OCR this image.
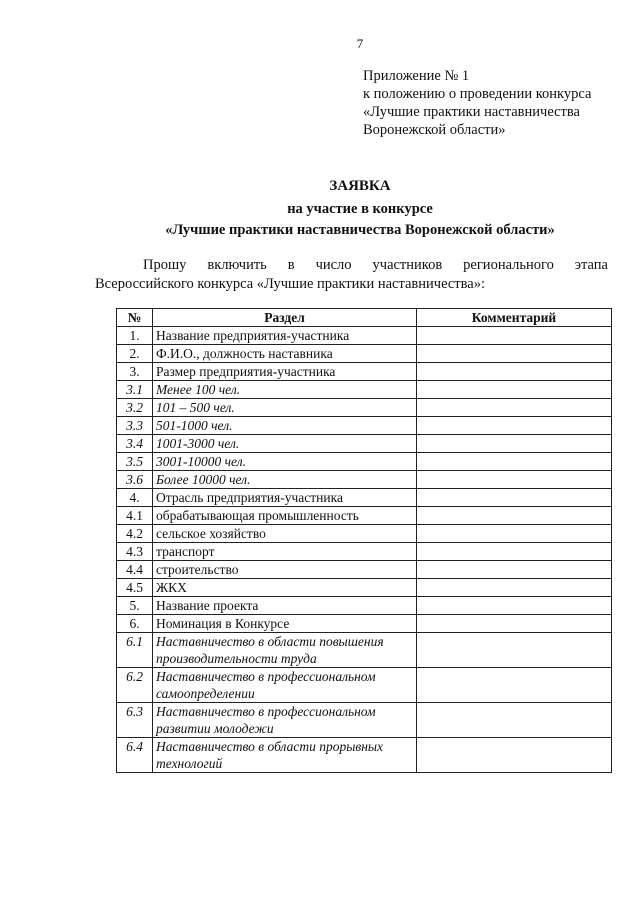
7
Приложение № 1
к положению о проведении конкурса
«Лучшие практики наставничества
Воронежской области»
ЗАЯВКА
на участие в конкурсе
«Лучшие практики наставничества Воронежской области»
Прошу включить в число участников регионального этапа
Всероссийского конкурса «Лучшие практики наставничества»:
№	Раздел	Комментарий
1.	Название предприятия-участника	
2.	Ф.И.О., должность наставника	
3.	Размер предприятия-участника	
3.1	Менее 100 чел.	
3.2	101 – 500 чел.	
3.3	501-1000 чел.	
3.4	1001-3000 чел.	
3.5	3001-10000 чел.	
3.6	Более 10000 чел.	
4.	Отрасль предприятия-участника	
4.1	обрабатывающая промышленность	
4.2	сельское хозяйство	
4.3	транспорт	
4.4	строительство	
4.5	ЖКХ	
5.	Название проекта	
6.	Номинация в Конкурсе	
6.1	Наставничество в области повышения производительности труда	
6.2	Наставничество в профессиональном самоопределении	
6.3	Наставничество в профессиональном развитии молодежи	
6.4	Наставничество в области прорывных технологий	
